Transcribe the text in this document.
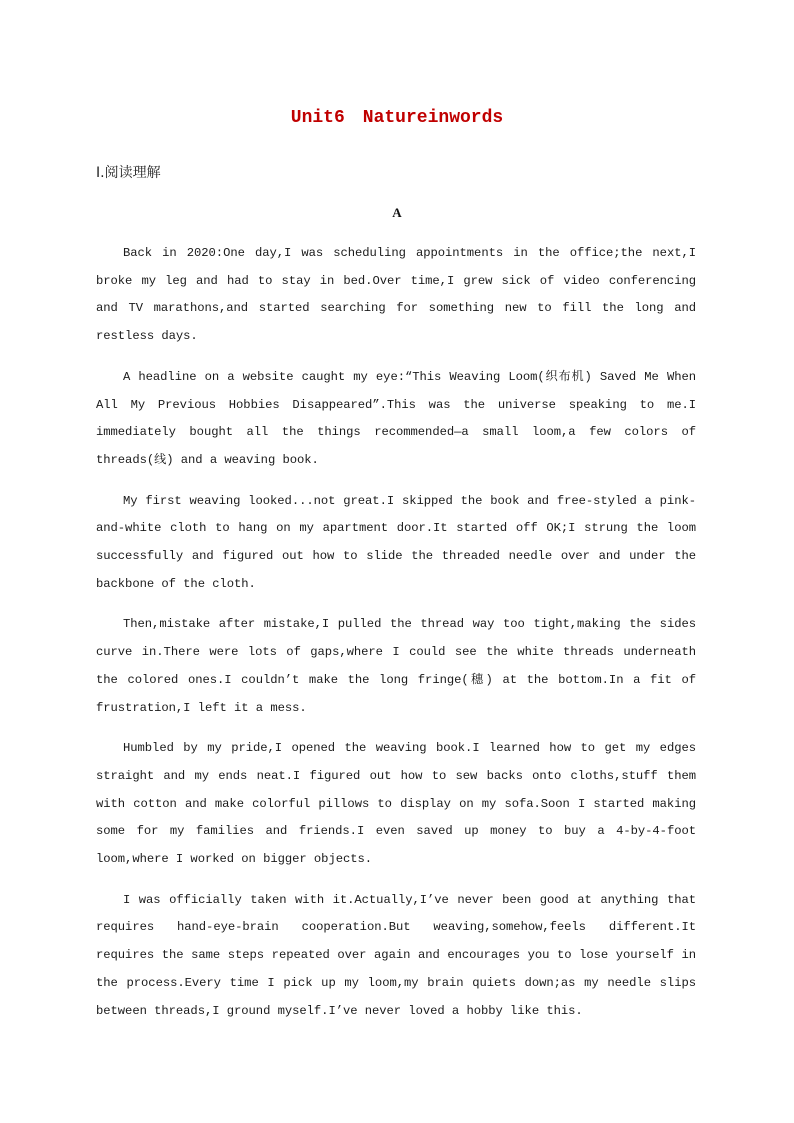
Unit6 Natureinwords
Ⅰ.阅读理解
A

Back in 2020:One day,I was scheduling appointments in the office;the next,I broke my leg and had to stay in bed.Over time,I grew sick of video conferencing and TV marathons,and started searching for something new to fill the long and restless days.

A headline on a website caught my eye:“This Weaving Loom(织布机) Saved Me When All My Previous Hobbies Disappeared”.This was the universe speaking to me.I immediately bought all the things recommended—a small loom,a few colors of threads(线) and a weaving book.

My first weaving looked...not great.I skipped the book and free-styled a pink-and-white cloth to hang on my apartment door.It started off OK;I strung the loom successfully and figured out how to slide the threaded needle over and under the backbone of the cloth.

Then,mistake after mistake,I pulled the thread way too tight,making the sides curve in.There were lots of gaps,where I could see the white threads underneath the colored ones.I couldn’t make the long fringe(穗) at the bottom.In a fit of frustration,I left it a mess.

Humbled by my pride,I opened the weaving book.I learned how to get my edges straight and my ends neat.I figured out how to sew backs onto cloths,stuff them with cotton and make colorful pillows to display on my sofa.Soon I started making some for my families and friends.I even saved up money to buy a 4-by-4-foot loom,where I worked on bigger objects.

I was officially taken with it.Actually,I’ve never been good at anything that requires hand-eye-brain cooperation.But weaving,somehow,feels different.It requires the same steps repeated over again and encourages you to lose yourself in the process.Every time I pick up my loom,my brain quiets down;as my needle slips between threads,I ground myself.I’ve never loved a hobby like this.
